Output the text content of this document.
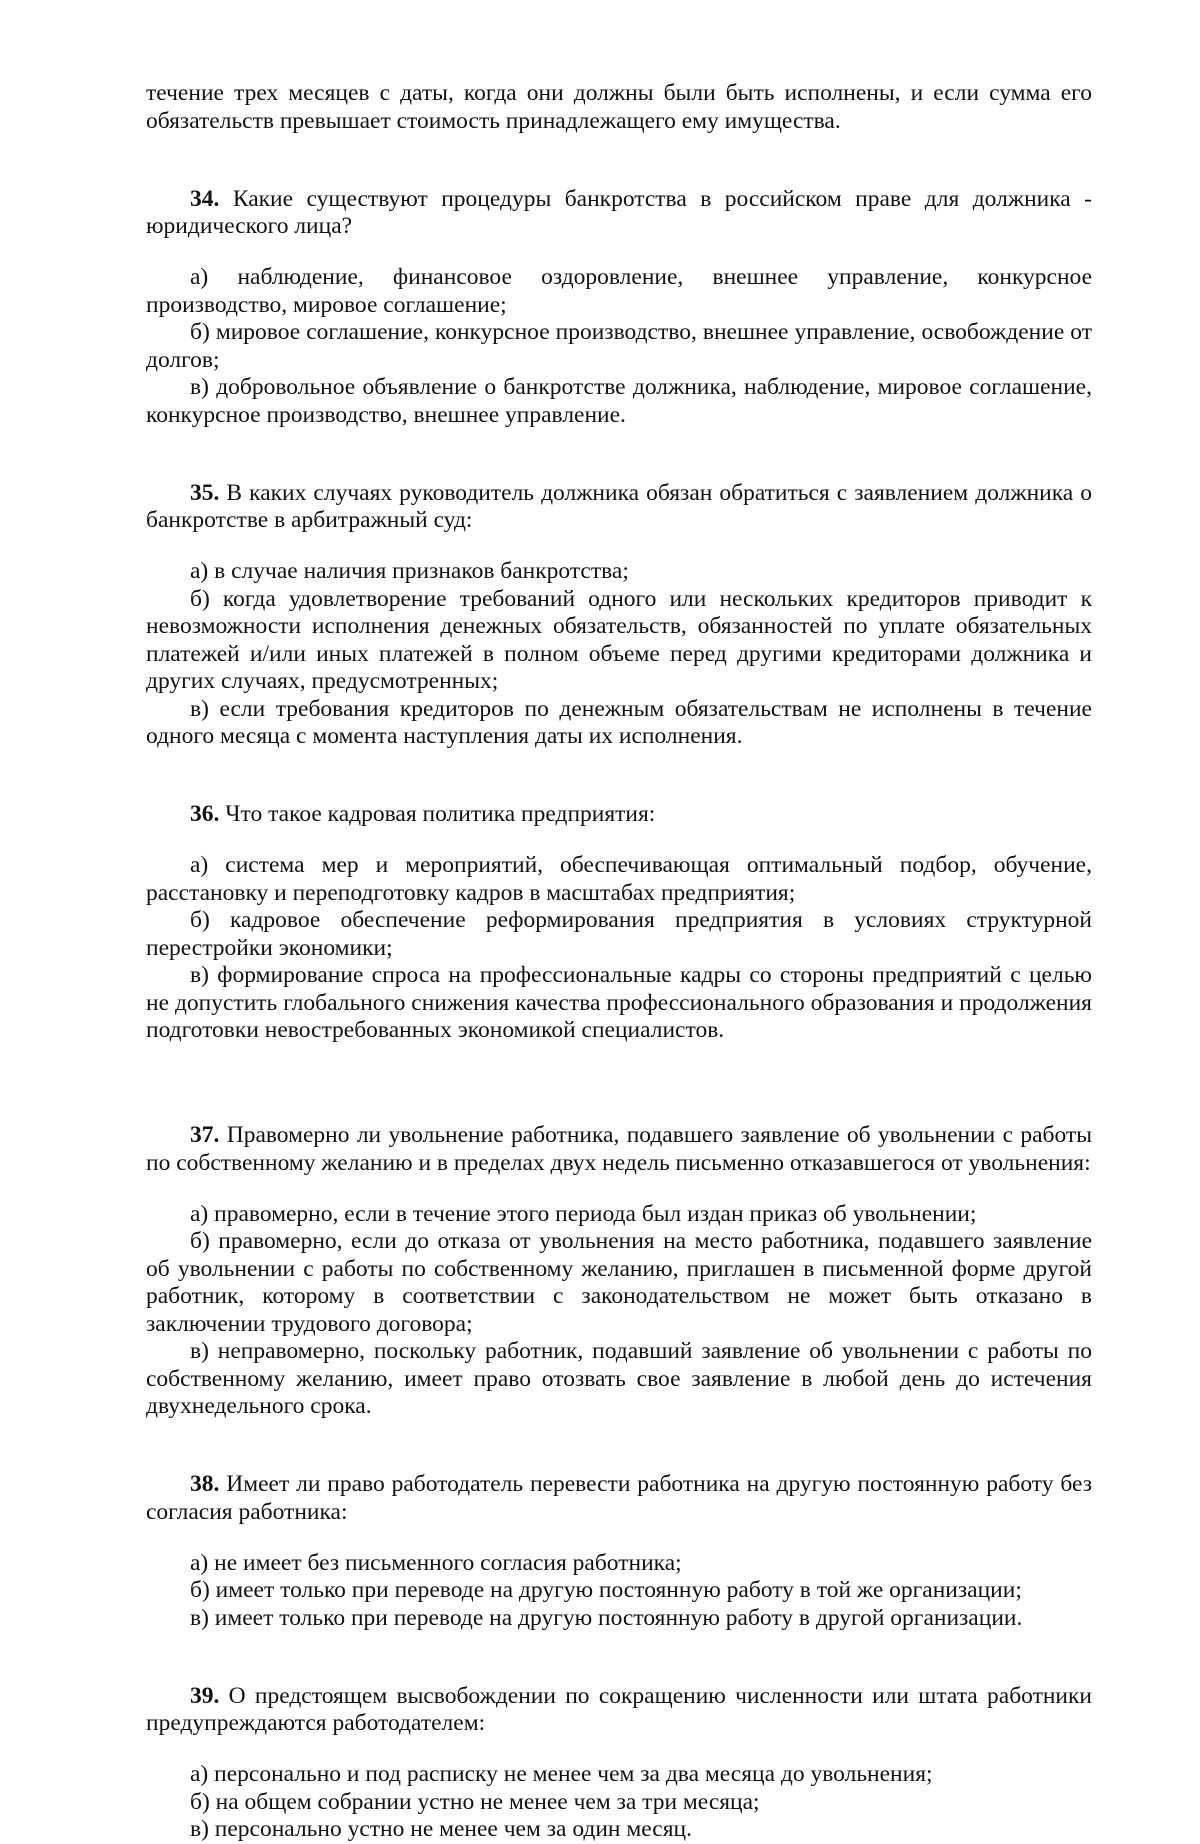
течение трех месяцев с даты, когда они должны были быть исполнены, и если сумма его обязательств превышает стоимость принадлежащего ему имущества.

34. Какие существуют процедуры банкротства в российском праве для должника - юридического лица?

а) наблюдение, финансовое оздоровление, внешнее управление, конкурсное производство, мировое соглашение;

б) мировое соглашение, конкурсное производство, внешнее управление, освобождение от долгов;

в) добровольное объявление о банкротстве должника, наблюдение, мировое соглашение, конкурсное производство, внешнее управление.

35. В каких случаях руководитель должника обязан обратиться с заявлением должника о банкротстве в арбитражный суд:

а) в случае наличия признаков банкротства;

б) когда удовлетворение требований одного или нескольких кредиторов приводит к невозможности исполнения денежных обязательств, обязанностей по уплате обязательных платежей и/или иных платежей в полном объеме перед другими кредиторами должника и других случаях, предусмотренных;

в) если требования кредиторов по денежным обязательствам не исполнены в течение одного месяца с момента наступления даты их исполнения.

36. Что такое кадровая политика предприятия:

а) система мер и мероприятий, обеспечивающая оптимальный подбор, обучение, расстановку и переподготовку кадров в масштабах предприятия;

б) кадровое обеспечение реформирования предприятия в условиях структурной перестройки экономики;

в) формирование спроса на профессиональные кадры со стороны предприятий с целью не допустить глобального снижения качества профессионального образования и продолжения подготовки невостребованных экономикой специалистов.

37. Правомерно ли увольнение работника, подавшего заявление об увольнении с работы по собственному желанию и в пределах двух недель письменно отказавшегося от увольнения:

а) правомерно, если в течение этого периода был издан приказ об увольнении;

б) правомерно, если до отказа от увольнения на место работника, подавшего заявление об увольнении с работы по собственному желанию, приглашен в письменной форме другой работник, которому в соответствии с законодательством не может быть отказано в заключении трудового договора;

в) неправомерно, поскольку работник, подавший заявление об увольнении с работы по собственному желанию, имеет право отозвать свое заявление в любой день до истечения двухнедельного срока.

38. Имеет ли право работодатель перевести работника на другую постоянную работу без согласия работника:

а) не имеет без письменного согласия работника;

б) имеет только при переводе на другую постоянную работу в той же организации;

в) имеет только при переводе на другую постоянную работу в другой организации.

39. О предстоящем высвобождении по сокращению численности или штата работники предупреждаются работодателем:

а) персонально и под расписку не менее чем за два месяца до увольнения;

б) на общем собрании устно не менее чем за три месяца;

в) персонально устно не менее чем за один месяц.
